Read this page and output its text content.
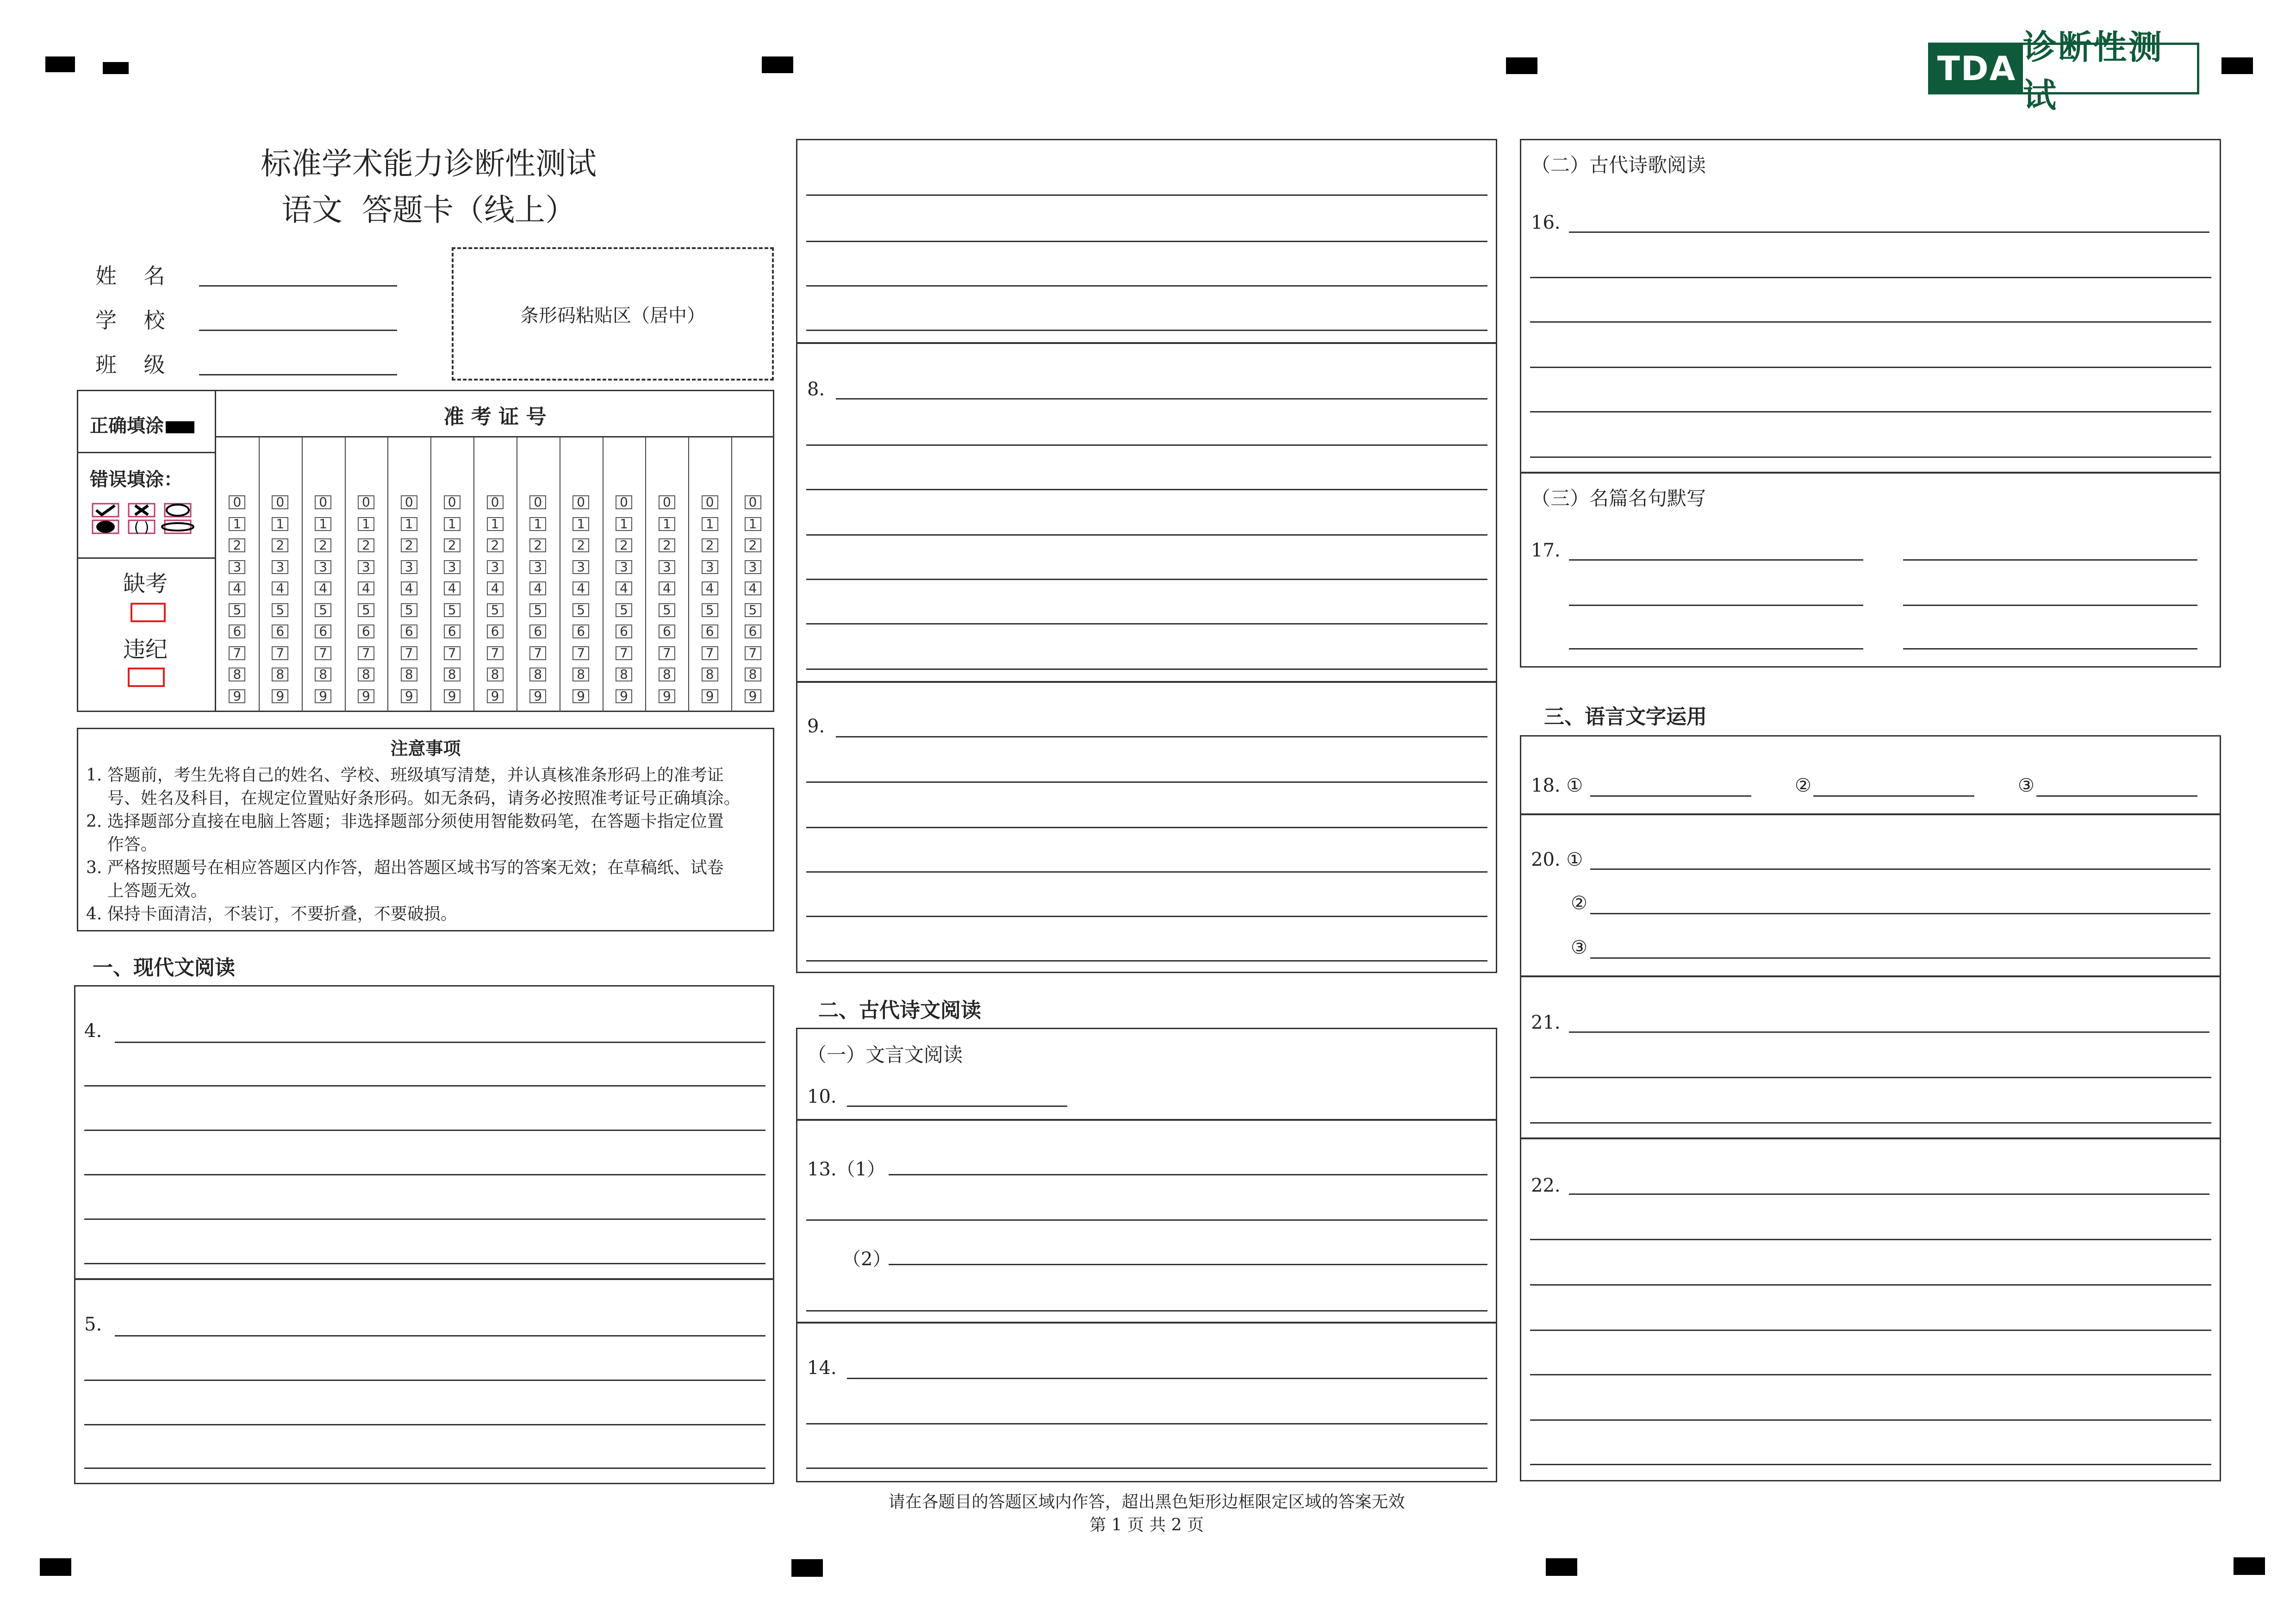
TDA
诊断性测试
标准学术能力诊断性测试
语文  答题卡（线上）
姓    名
学    校
班    级
条形码粘贴区（居中）
正确填涂
错误填涂：
( )
缺考
违纪
准 考 证 号
0
1
2
3
4
5
6
7
8
9
0
1
2
3
4
5
6
7
8
9
0
1
2
3
4
5
6
7
8
9
0
1
2
3
4
5
6
7
8
9
0
1
2
3
4
5
6
7
8
9
0
1
2
3
4
5
6
7
8
9
0
1
2
3
4
5
6
7
8
9
0
1
2
3
4
5
6
7
8
9
0
1
2
3
4
5
6
7
8
9
0
1
2
3
4
5
6
7
8
9
0
1
2
3
4
5
6
7
8
9
0
1
2
3
4
5
6
7
8
9
0
1
2
3
4
5
6
7
8
9
注意事项
1. 答题前，考生先将自己的姓名、学校、班级填写清楚，并认真核准条形码上的准考证
号、姓名及科目，在规定位置贴好条形码。如无条码，请务必按照准考证号正确填涂。
2. 选择题部分直接在电脑上答题；非选择题部分须使用智能数码笔，在答题卡指定位置
作答。
3. 严格按照题号在相应答题区内作答，超出答题区域书写的答案无效；在草稿纸、试卷
上答题无效。
4. 保持卡面清洁，不装订，不要折叠，不要破损。
一、现代文阅读
4.
5.
8.
9.
二、古代诗文阅读
（一）文言文阅读
10.
13.（1）
（2）
14.
（二）古代诗歌阅读
16.
（三）名篇名句默写
17.
三、语言文字运用
18. ①	②	③
20. ①
②
③
21.
22.
请在各题目的答题区域内作答，超出黑色矩形边框限定区域的答案无效
第 1 页 共 2 页
